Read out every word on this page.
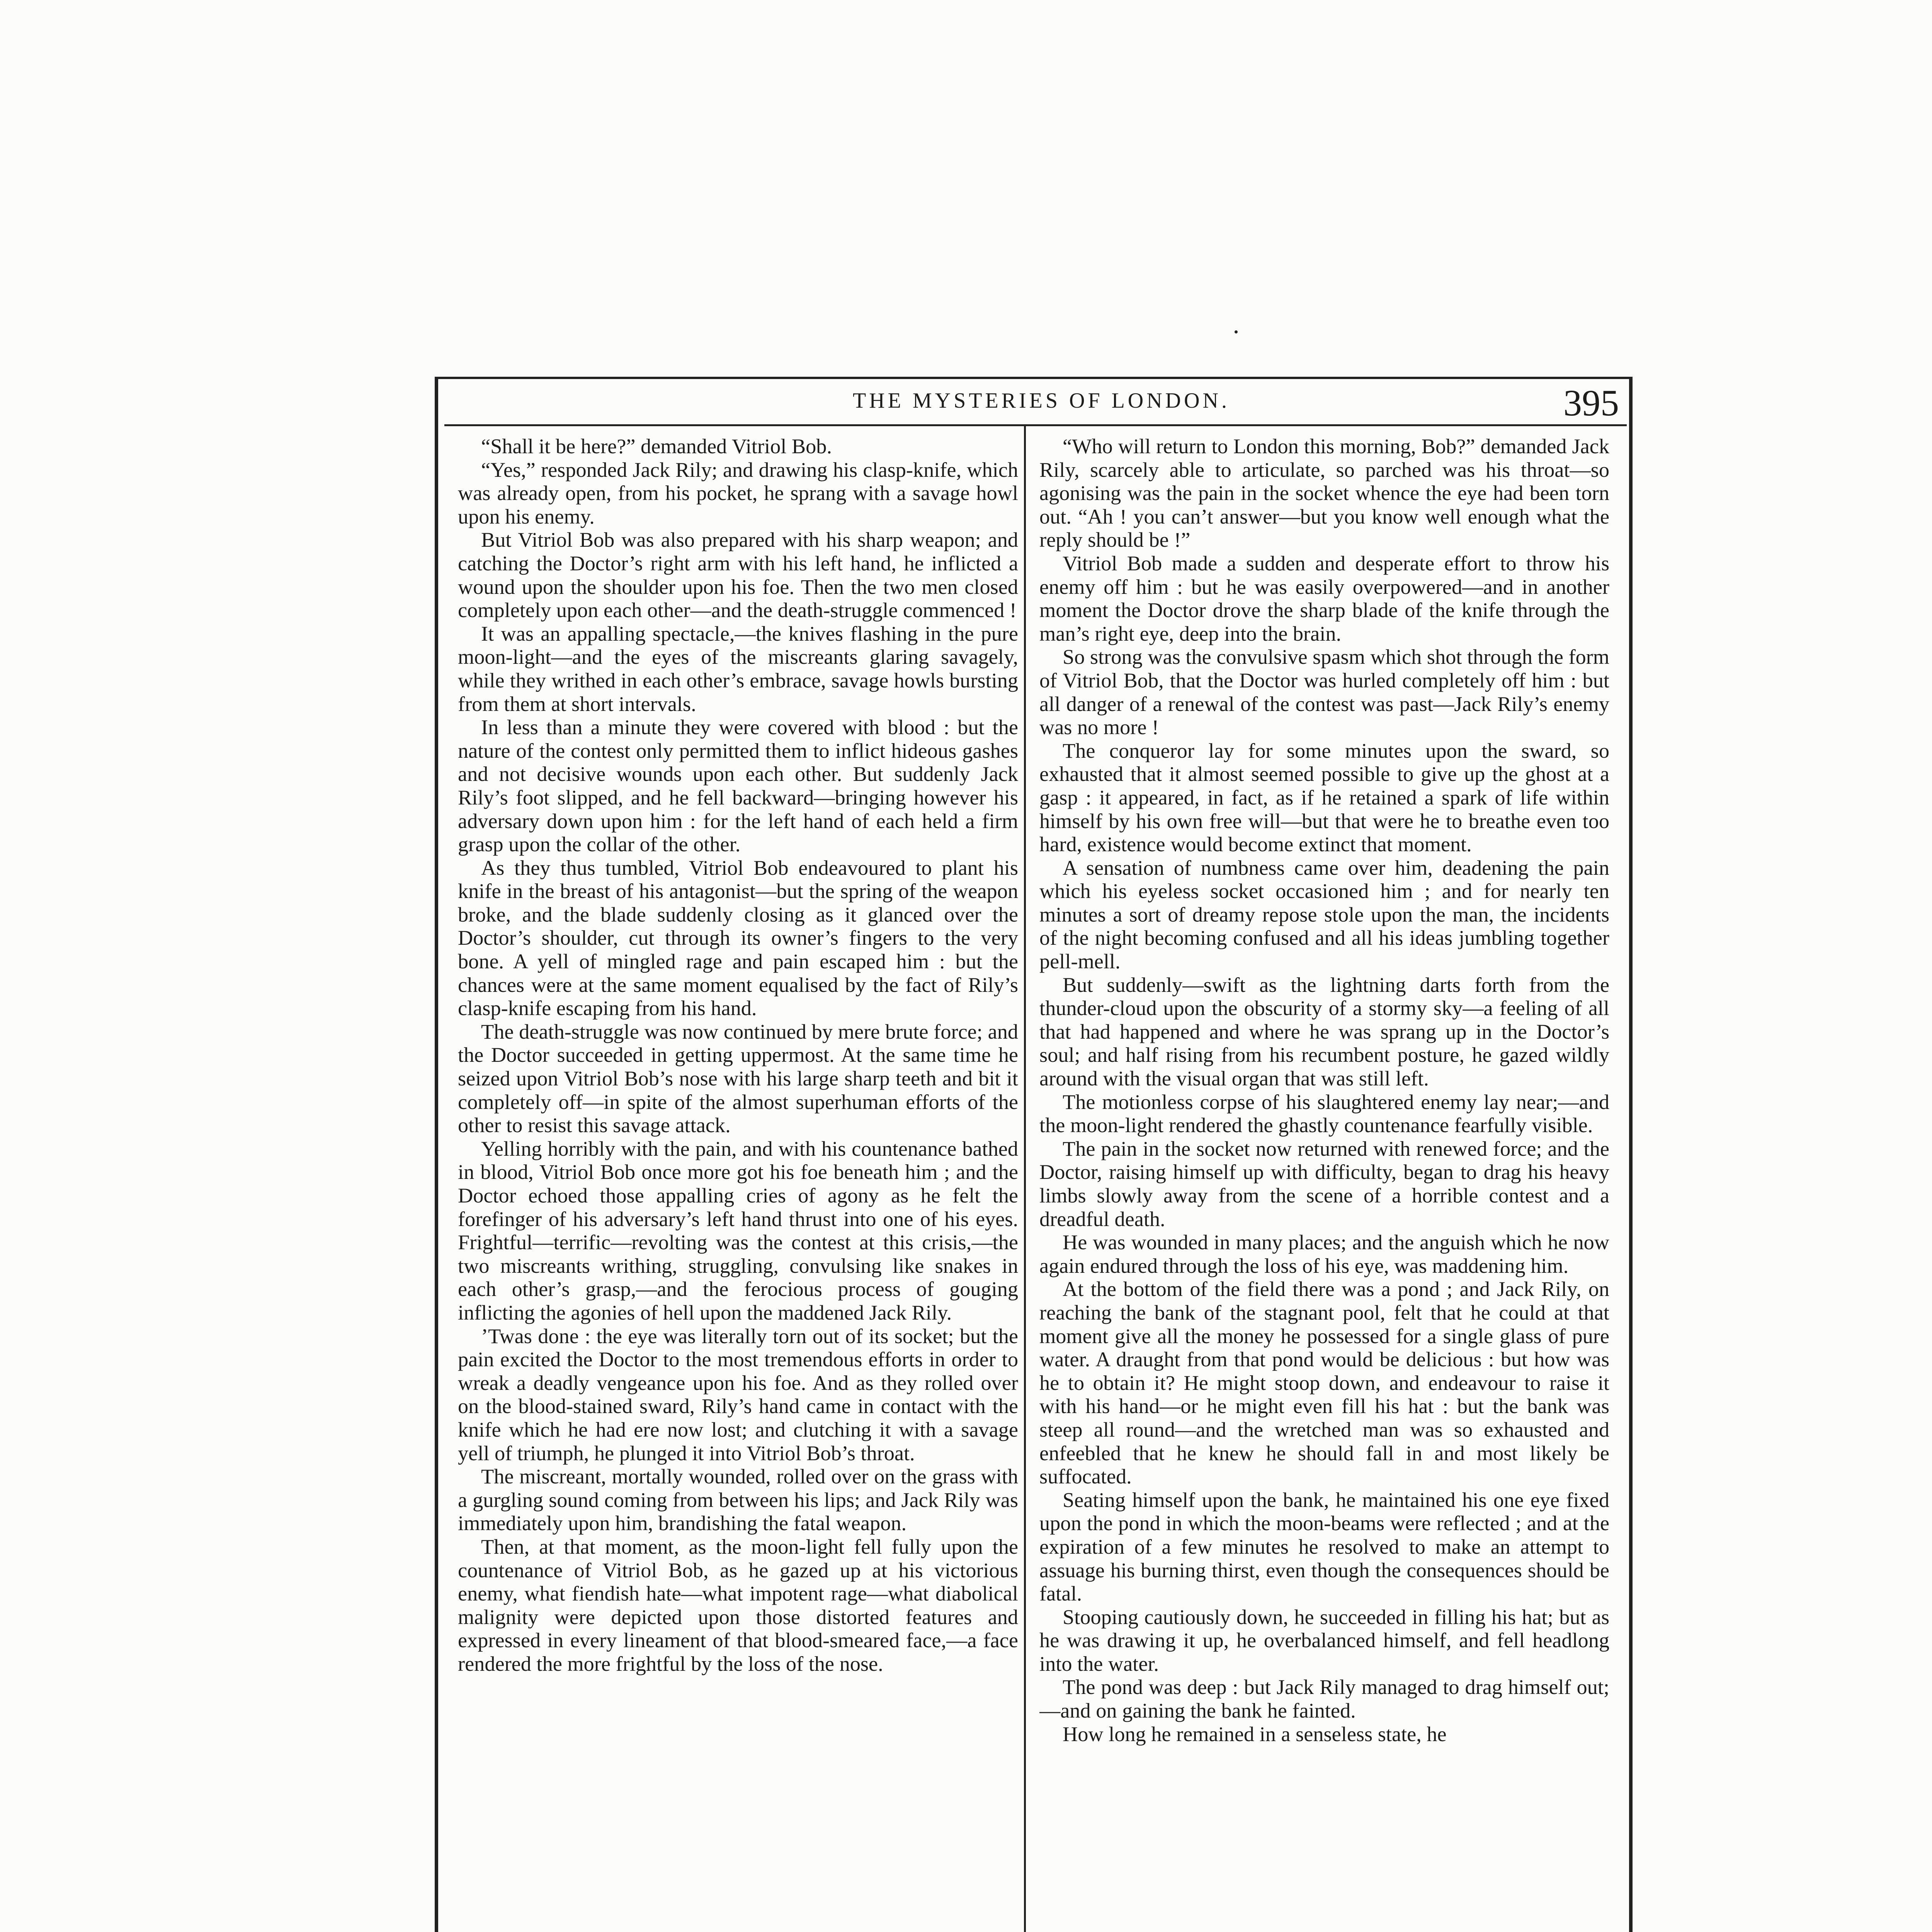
THE MYSTERIES OF LONDON.	395

“Shall it be here?” demanded Vitriol Bob.

“Yes,” responded Jack Rily; and drawing his clasp-knife, which was already open, from his pocket, he sprang with a savage howl upon his enemy.

But Vitriol Bob was also prepared with his sharp weapon; and catching the Doctor’s right arm with his left hand, he inflicted a wound upon the shoulder upon his foe. Then the two men closed completely upon each other—and the death-struggle commenced !

It was an appalling spectacle,—the knives flashing in the pure moon-light—and the eyes of the miscreants glaring savagely, while they writhed in each other’s embrace, savage howls bursting from them at short intervals.

In less than a minute they were covered with blood : but the nature of the contest only permitted them to inflict hideous gashes and not decisive wounds upon each other. But suddenly Jack Rily’s foot slipped, and he fell backward—bringing however his adversary down upon him : for the left hand of each held a firm grasp upon the collar of the other.

As they thus tumbled, Vitriol Bob endeavoured to plant his knife in the breast of his antagonist—but the spring of the weapon broke, and the blade suddenly closing as it glanced over the Doctor’s shoulder, cut through its owner’s fingers to the very bone. A yell of mingled rage and pain escaped him : but the chances were at the same moment equalised by the fact of Rily’s clasp-knife escaping from his hand.

The death-struggle was now continued by mere brute force; and the Doctor succeeded in getting uppermost. At the same time he seized upon Vitriol Bob’s nose with his large sharp teeth and bit it completely off—in spite of the almost superhuman efforts of the other to resist this savage attack.

Yelling horribly with the pain, and with his countenance bathed in blood, Vitriol Bob once more got his foe beneath him ; and the Doctor echoed those appalling cries of agony as he felt the forefinger of his adversary’s left hand thrust into one of his eyes. Frightful—terrific—revolting was the contest at this crisis,—the two miscreants writhing, struggling, convulsing like snakes in each other’s grasp,—and the ferocious process of gouging inflicting the agonies of hell upon the maddened Jack Rily.

’Twas done : the eye was literally torn out of its socket; but the pain excited the Doctor to the most tremendous efforts in order to wreak a deadly vengeance upon his foe. And as they rolled over on the blood-stained sward, Rily’s hand came in contact with the knife which he had ere now lost; and clutching it with a savage yell of triumph, he plunged it into Vitriol Bob’s throat.

The miscreant, mortally wounded, rolled over on the grass with a gurgling sound coming from between his lips; and Jack Rily was immediately upon him, brandishing the fatal weapon.

Then, at that moment, as the moon-light fell fully upon the countenance of Vitriol Bob, as he gazed up at his victorious enemy, what fiendish hate—what impotent rage—what diabolical malignity were depicted upon those distorted features and expressed in every lineament of that blood-smeared face,—a face rendered the more frightful by the loss of the nose.

“Who will return to London this morning, Bob?” demanded Jack Rily, scarcely able to articulate, so parched was his throat—so agonising was the pain in the socket whence the eye had been torn out. “Ah ! you can’t answer—but you know well enough what the reply should be !”

Vitriol Bob made a sudden and desperate effort to throw his enemy off him : but he was easily overpowered—and in another moment the Doctor drove the sharp blade of the knife through the man’s right eye, deep into the brain.

So strong was the convulsive spasm which shot through the form of Vitriol Bob, that the Doctor was hurled completely off him : but all danger of a renewal of the contest was past—Jack Rily’s enemy was no more !

The conqueror lay for some minutes upon the sward, so exhausted that it almost seemed possible to give up the ghost at a gasp : it appeared, in fact, as if he retained a spark of life within himself by his own free will—but that were he to breathe even too hard, existence would become extinct that moment.

A sensation of numbness came over him, deadening the pain which his eyeless socket occasioned him ; and for nearly ten minutes a sort of dreamy repose stole upon the man, the incidents of the night becoming confused and all his ideas jumbling together pell-mell.

But suddenly—swift as the lightning darts forth from the thunder-cloud upon the obscurity of a stormy sky—a feeling of all that had happened and where he was sprang up in the Doctor’s soul; and half rising from his recumbent posture, he gazed wildly around with the visual organ that was still left.

The motionless corpse of his slaughtered enemy lay near;—and the moon-light rendered the ghastly countenance fearfully visible.

The pain in the socket now returned with renewed force; and the Doctor, raising himself up with difficulty, began to drag his heavy limbs slowly away from the scene of a horrible contest and a dreadful death.

He was wounded in many places; and the anguish which he now again endured through the loss of his eye, was maddening him.

At the bottom of the field there was a pond ; and Jack Rily, on reaching the bank of the stagnant pool, felt that he could at that moment give all the money he possessed for a single glass of pure water. A draught from that pond would be delicious : but how was he to obtain it? He might stoop down, and endeavour to raise it with his hand—or he might even fill his hat : but the bank was steep all round—and the wretched man was so exhausted and enfeebled that he knew he should fall in and most likely be suffocated.

Seating himself upon the bank, he maintained his one eye fixed upon the pond in which the moon-beams were reflected ; and at the expiration of a few minutes he resolved to make an attempt to assuage his burning thirst, even though the consequences should be fatal.

Stooping cautiously down, he succeeded in filling his hat; but as he was drawing it up, he overbalanced himself, and fell headlong into the water.

The pond was deep : but Jack Rily managed to drag himself out;—and on gaining the bank he fainted.

How long he remained in a senseless state, he
